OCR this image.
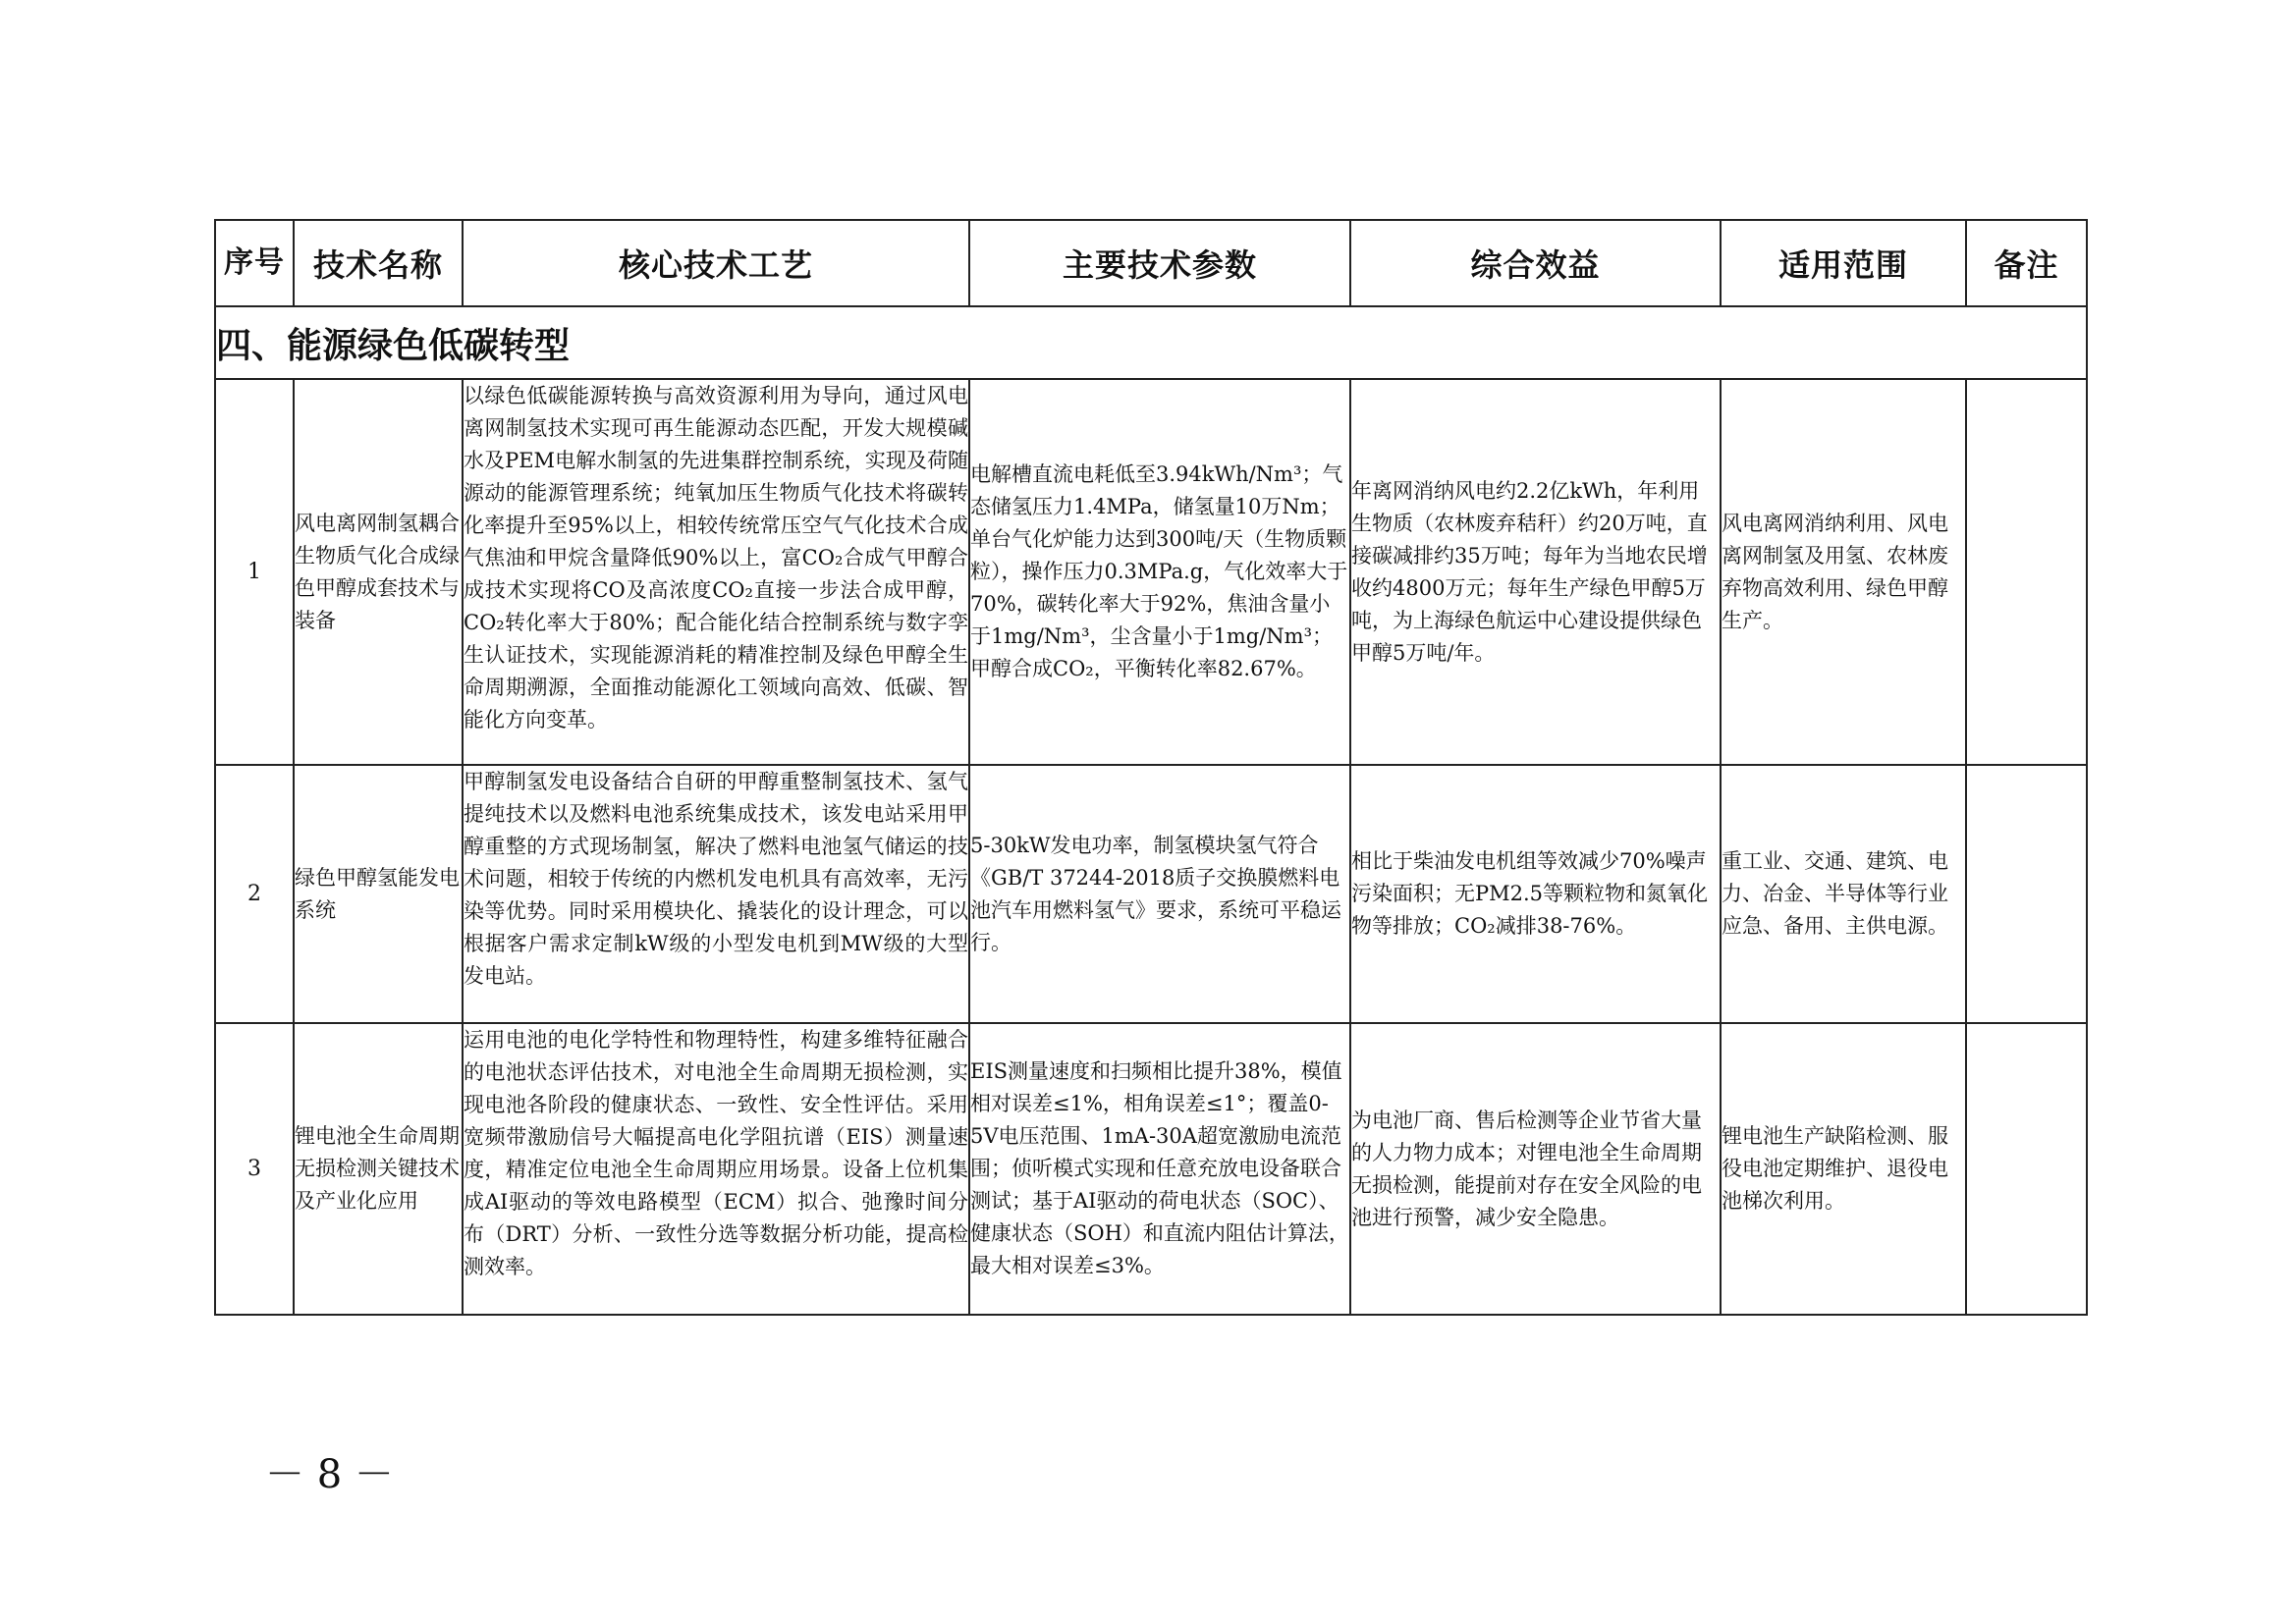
序号	技术名称	核心技术工艺	主要技术参数	综合效益	适用范围	备注
四、能源绿色低碳转型						
1	风电离网制氢耦合生物质气化合成绿色甲醇成套技术与装备	以绿色低碳能源转换与高效资源利用为导向，通过风电离网制氢技术实现可再生能源动态匹配，开发大规模碱水及PEM电解水制氢的先进集群控制系统，实现及荷随源动的能源管理系统；纯氧加压生物质气化技术将碳转化率提升至95%以上，相较传统常压空气气化技术合成气焦油和甲烷含量降低90%以上，富CO₂合成气甲醇合成技术实现将CO及高浓度CO₂直接一步法合成甲醇，CO₂转化率大于80%；配合能化结合控制系统与数字孪生认证技术，实现能源消耗的精准控制及绿色甲醇全生命周期溯源，全面推动能源化工领域向高效、低碳、智能化方向变革。	电解槽直流电耗低至3.94kWh/Nm³；气态储氢压力1.4MPa，储氢量10万Nm；单台气化炉能力达到300吨/天（生物质颗粒），操作压力0.3MPa.g，气化效率大于70%，碳转化率大于92%，焦油含量小于1mg/Nm³，尘含量小于1mg/Nm³；甲醇合成CO₂，平衡转化率82.67%。	年离网消纳风电约2.2亿kWh，年利用生物质（农林废弃秸秆）约20万吨，直接碳减排约35万吨；每年为当地农民增收约4800万元；每年生产绿色甲醇5万吨，为上海绿色航运中心建设提供绿色甲醇5万吨/年。	风电离网消纳利用、风电离网制氢及用氢、农林废弃物高效利用、绿色甲醇生产。	
2	绿色甲醇氢能发电系统	甲醇制氢发电设备结合自研的甲醇重整制氢技术、氢气提纯技术以及燃料电池系统集成技术，该发电站采用甲醇重整的方式现场制氢，解决了燃料电池氢气储运的技术问题，相较于传统的内燃机发电机具有高效率，无污染等优势。同时采用模块化、撬装化的设计理念，可以根据客户需求定制kW级的小型发电机到MW级的大型发电站。	5-30kW发电功率，制氢模块氢气符合《GB/T 37244-2018质子交换膜燃料电池汽车用燃料氢气》要求，系统可平稳运行。	相比于柴油发电机组等效减少70%噪声污染面积；无PM2.5等颗粒物和氮氧化物等排放；CO₂减排38-76%。	重工业、交通、建筑、电力、冶金、半导体等行业应急、备用、主供电源。	
3	锂电池全生命周期无损检测关键技术及产业化应用	运用电池的电化学特性和物理特性，构建多维特征融合的电池状态评估技术，对电池全生命周期无损检测，实现电池各阶段的健康状态、一致性、安全性评估。采用宽频带激励信号大幅提高电化学阻抗谱（EIS）测量速度，精准定位电池全生命周期应用场景。设备上位机集成AI驱动的等效电路模型（ECM）拟合、弛豫时间分布（DRT）分析、一致性分选等数据分析功能，提高检测效率。	EIS测量速度和扫频相比提升38%，模值相对误差≤1%，相角误差≤1°；覆盖0-5V电压范围、1mA-30A超宽激励电流范围；侦听模式实现和任意充放电设备联合测试；基于AI驱动的荷电状态（SOC）、健康状态（SOH）和直流内阻估计算法，最大相对误差≤3%。	为电池厂商、售后检测等企业节省大量的人力物力成本；对锂电池全生命周期无损检测，能提前对存在安全风险的电池进行预警，减少安全隐患。	锂电池生产缺陷检测、服役电池定期维护、退役电池梯次利用。	
－ 8 －
